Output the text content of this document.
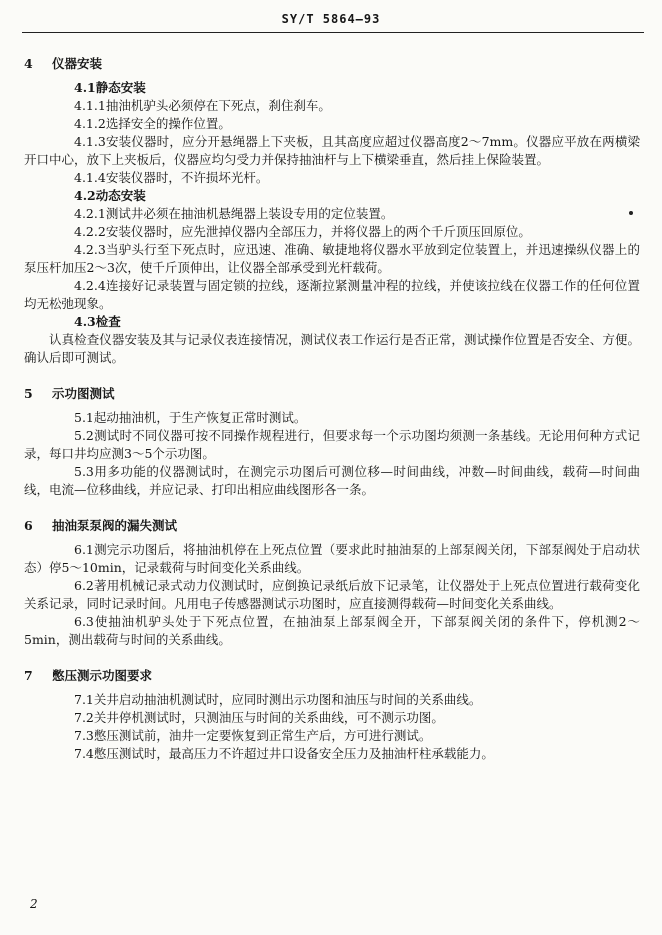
SY/T 5864—93
4 仪器安装
4.1静态安装
4.1.1抽油机驴头必须停在下死点，刹住刹车。
4.1.2选择安全的操作位置。
4.1.3安装仪器时，应分开悬绳器上下夹板，且其高度应超过仪器高度2～7mm。仪器应平放在两横梁开口中心，放下上夹板后，仪器应均匀受力并保持抽油杆与上下横梁垂直，然后挂上保险装置。
4.1.4安装仪器时，不许损坏光杆。
4.2动态安装
4.2.1测试井必须在抽油机悬绳器上装设专用的定位装置。
4.2.2安装仪器时，应先泄掉仪器内全部压力，并将仪器上的两个千斤顶压回原位。
4.2.3当驴头行至下死点时，应迅速、准确、敏捷地将仪器水平放到定位装置上，并迅速操纵仪器上的泵压杆加压2～3次，使千斤顶伸出，让仪器全部承受到光杆载荷。
4.2.4连接好记录装置与固定锁的拉线，逐渐拉紧测量冲程的拉线，并使该拉线在仪器工作的任何位置均无松弛现象。
4.3检查
认真检查仪器安装及其与记录仪表连接情况，测试仪表工作运行是否正常，测试操作位置是否安全、方便。确认后即可测试。
5 示功图测试
5.1起动抽油机，于生产恢复正常时测试。
5.2测试时不同仪器可按不同操作规程进行，但要求每一个示功图均须测一条基线。无论用何种方式记录，每口井均应测3～5个示功图。
5.3用多功能的仪器测试时，在测完示功图后可测位移—时间曲线，冲数—时间曲线，载荷—时间曲线，电流—位移曲线，并应记录、打印出相应曲线图形各一条。
6 抽油泵泵阀的漏失测试
6.1测完示功图后，将抽油机停在上死点位置（要求此时抽油泵的上部泵阀关闭，下部泵阀处于启动状态）停5～10min，记录载荷与时间变化关系曲线。
6.2著用机械记录式动力仪测试时，应倒换记录纸后放下记录笔，让仪器处于上死点位置进行载荷变化关系记录，同时记录时间。凡用电子传感器测试示功图时，应直接测得载荷—时间变化关系曲线。
6.3使抽油机驴头处于下死点位置，在抽油泵上部泵阀全开，下部泵阀关闭的条件下，停机测2～5min，测出载荷与时间的关系曲线。
7 憋压测示功图要求
7.1关井启动抽油机测试时，应同时测出示功图和油压与时间的关系曲线。
7.2关井停机测试时，只测油压与时间的关系曲线，可不测示功图。
7.3憋压测试前，油井一定要恢复到正常生产后，方可进行测试。
7.4憋压测试时，最高压力不许超过井口设备安全压力及抽油杆柱承载能力。
2
